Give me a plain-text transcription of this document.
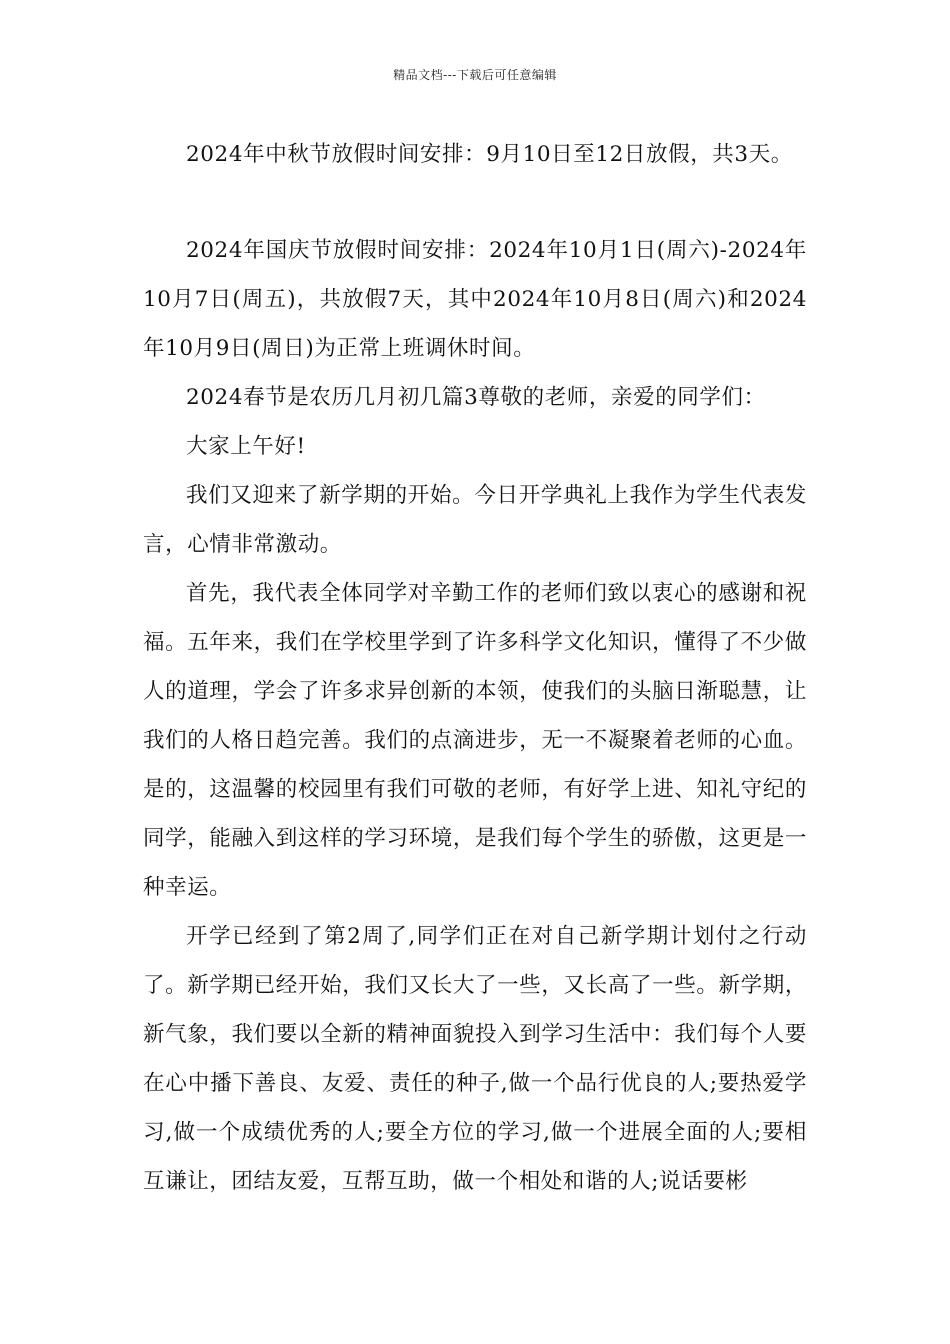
精品文档---下载后可任意编辑

2024年中秋节放假时间安排：9月10日至12日放假，共3天。

2024年国庆节放假时间安排：2024年10月1日(周六)-2024年10月7日(周五)，共放假7天，其中2024年10月8日(周六)和2024年10月9日(周日)为正常上班调休时间。

2024春节是农历几月初几篇3尊敬的老师，亲爱的同学们：

大家上午好!

我们又迎来了新学期的开始。今日开学典礼上我作为学生代表发言，心情非常激动。

首先，我代表全体同学对辛勤工作的老师们致以衷心的感谢和祝福。五年来，我们在学校里学到了许多科学文化知识，懂得了不少做人的道理，学会了许多求异创新的本领，使我们的头脑日渐聪慧，让我们的人格日趋完善。我们的点滴进步，无一不凝聚着老师的心血。是的，这温馨的校园里有我们可敬的老师，有好学上进、知礼守纪的同学，能融入到这样的学习环境，是我们每个学生的骄傲，这更是一种幸运。

开学已经到了第2周了,同学们正在对自己新学期计划付之行动了。新学期已经开始，我们又长大了一些，又长高了一些。新学期，新气象，我们要以全新的精神面貌投入到学习生活中：我们每个人要在心中播下善良、友爱、责任的种子,做一个品行优良的人;要热爱学习,做一个成绩优秀的人;要全方位的学习,做一个进展全面的人;要相互谦让，团结友爱，互帮互助，做一个相处和谐的人;说话要彬
